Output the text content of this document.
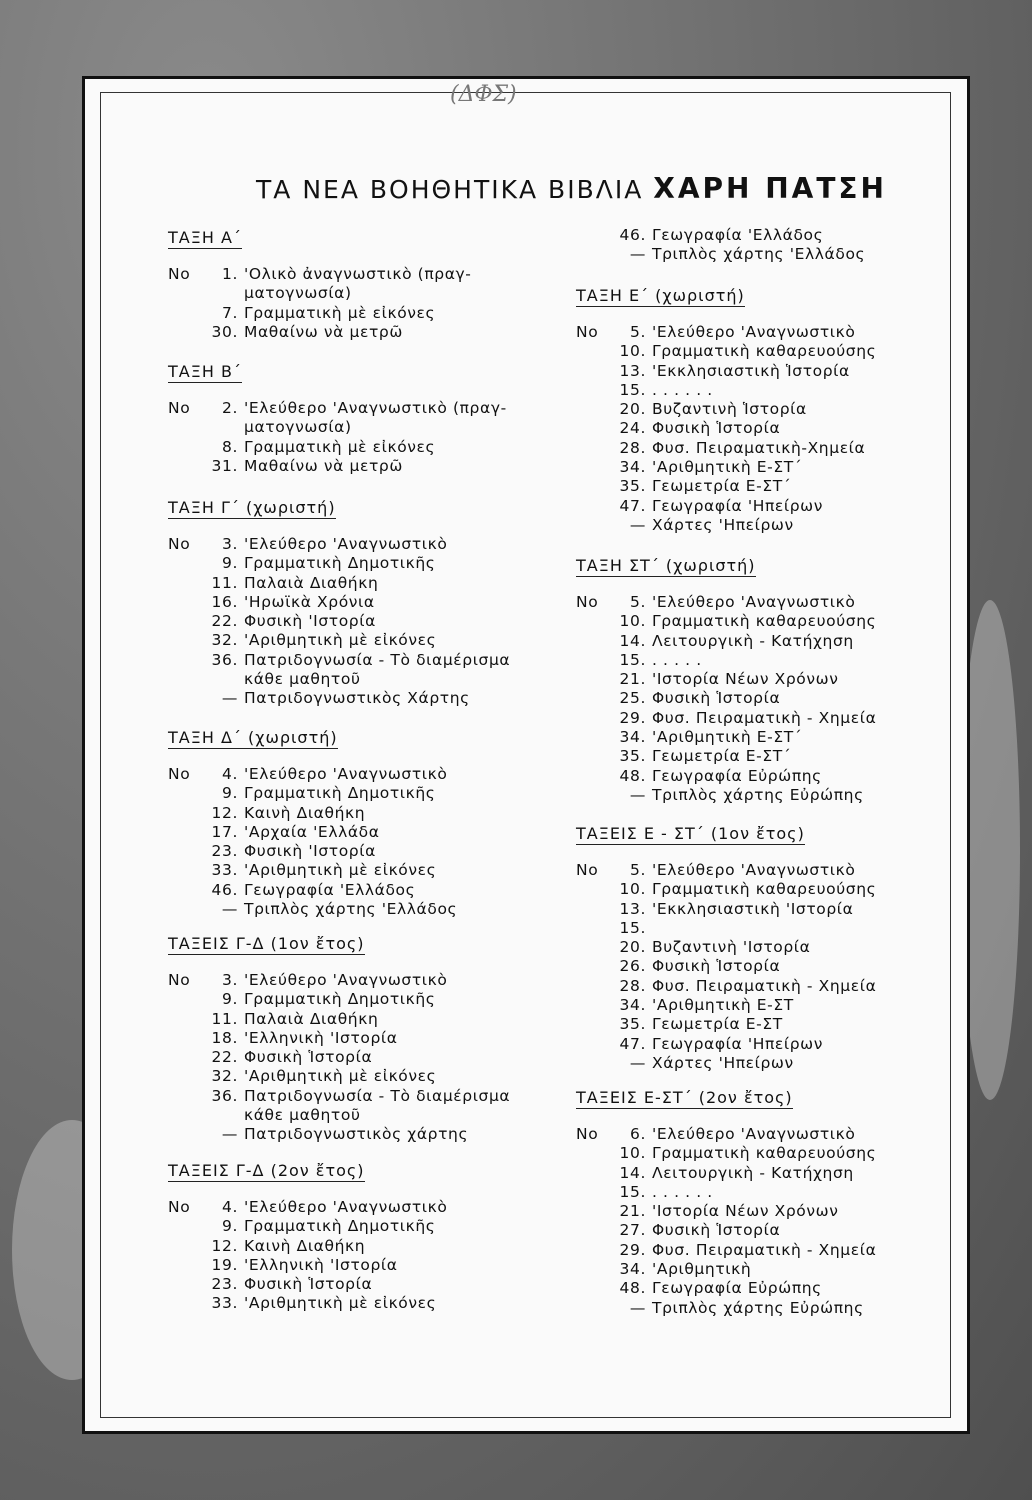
(ΔΦΣ)
ΤΑ ΝΕΑ ΒΟΗΘΗΤΙΚΑ ΒΙΒΛΙΑ ΧΑΡΗ ΠΑΤΣΗ
ΤΑΞΗ Α΄
Νο	1. 'Ολικὸ ἀναγνωστικὸ (πραγ-
ματογνωσία)
7. Γραμματικὴ μὲ εἰκόνες
30. Μαθαίνω νὰ μετρῶ
ΤΑΞΗ Β΄
Νο	2. 'Ελεύθερο 'Αναγνωστικὸ (πραγ-
ματογνωσία)
8. Γραμματικὴ μὲ εἰκόνες
31. Μαθαίνω νὰ μετρῶ
ΤΑΞΗ Γ΄ (χωριστή)
Νο	3. 'Ελεύθερο 'Αναγνωστικὸ
9. Γραμματικὴ Δημοτικῆς
11. Παλαιὰ Διαθήκη
16. 'Ηρωϊκὰ Χρόνια
22. Φυσικὴ 'Ιστορία
32. 'Αριθμητικὴ μὲ εἰκόνες
36. Πατριδογνωσία - Τὸ διαμέρισμα
κάθε μαθητοῦ
— Πατριδογνωστικὸς Χάρτης
ΤΑΞΗ Δ΄ (χωριστή)
Νο	4. 'Ελεύθερο 'Αναγνωστικὸ
9. Γραμματικὴ Δημοτικῆς
12. Καινὴ Διαθήκη
17. 'Αρχαία 'Ελλάδα
23. Φυσικὴ 'Ιστορία
33. 'Αριθμητικὴ μὲ εἰκόνες
46. Γεωγραφία 'Ελλάδος
— Τριπλὸς χάρτης 'Ελλάδος
ΤΑΞΕΙΣ Γ-Δ (1ον ἔτος)
Νο	3. 'Ελεύθερο 'Αναγνωστικὸ
9. Γραμματικὴ Δημοτικῆς
11. Παλαιὰ Διαθήκη
18. 'Ελληνικὴ 'Ιστορία
22. Φυσικὴ Ἱστορία
32. 'Αριθμητικὴ μὲ εἰκόνες
36. Πατριδογνωσία - Τὸ διαμέρισμα
κάθε μαθητοῦ
— Πατριδογνωστικὸς χάρτης
ΤΑΞΕΙΣ Γ-Δ (2ον ἔτος)
Νο	4. 'Ελεύθερο 'Αναγνωστικὸ
9. Γραμματικὴ Δημοτικῆς
12. Καινὴ Διαθήκη
19. 'Ελληνικὴ 'Ιστορία
23. Φυσικὴ Ἱστορία
33. 'Αριθμητικὴ μὲ εἰκόνες
46. Γεωγραφία 'Ελλάδος
— Τριπλὸς χάρτης 'Ελλάδος
ΤΑΞΗ Ε΄ (χωριστή)
Νο	5. 'Ελεύθερο 'Αναγνωστικὸ
10. Γραμματικὴ καθαρευούσης
13. 'Εκκλησιαστικὴ Ἱστορία
15. . . . . . .
20. Βυζαντινὴ Ἱστορία
24. Φυσικὴ Ἱστορία
28. Φυσ. Πειραματικὴ-Χημεία
34. 'Αριθμητικὴ Ε-ΣΤ΄
35. Γεωμετρία Ε-ΣΤ΄
47. Γεωγραφία 'Ηπείρων
— Χάρτες 'Ηπείρων
ΤΑΞΗ ΣΤ΄ (χωριστή)
Νο	5. 'Ελεύθερο 'Αναγνωστικὸ
10. Γραμματικὴ καθαρευούσης
14. Λειτουργικὴ - Κατήχηση
15. . . . . .
21. 'Ιστορία Νέων Χρόνων
25. Φυσικὴ Ἱστορία
29. Φυσ. Πειραματικὴ - Χημεία
34. 'Αριθμητικὴ Ε-ΣΤ΄
35. Γεωμετρία Ε-ΣΤ΄
48. Γεωγραφία Εὐρώπης
— Τριπλὸς χάρτης Εὐρώπης
ΤΑΞΕΙΣ Ε - ΣΤ΄ (1ον ἔτος)
Νο	5. 'Ελεύθερο 'Αναγνωστικὸ
10. Γραμματικὴ καθαρευούσης
13. 'Εκκλησιαστικὴ 'Ιστορία
15.
20. Βυζαντινὴ 'Ιστορία
26. Φυσικὴ Ἱστορία
28. Φυσ. Πειραματικὴ - Χημεία
34. 'Αριθμητικὴ Ε-ΣΤ
35. Γεωμετρία Ε-ΣΤ
47. Γεωγραφία 'Ηπείρων
— Χάρτες 'Ηπείρων
ΤΑΞΕΙΣ Ε-ΣΤ΄ (2ον ἔτος)
Νο	6. 'Ελεύθερο 'Αναγνωστικὸ
10. Γραμματικὴ καθαρευούσης
14. Λειτουργικὴ - Κατήχηση
15. . . . . . .
21. 'Ιστορία Νέων Χρόνων
27. Φυσικὴ Ἱστορία
29. Φυσ. Πειραματικὴ - Χημεία
34. 'Αριθμητικὴ
48. Γεωγραφία Εὐρώπης
— Τριπλὸς χάρτης Εὐρώπης
